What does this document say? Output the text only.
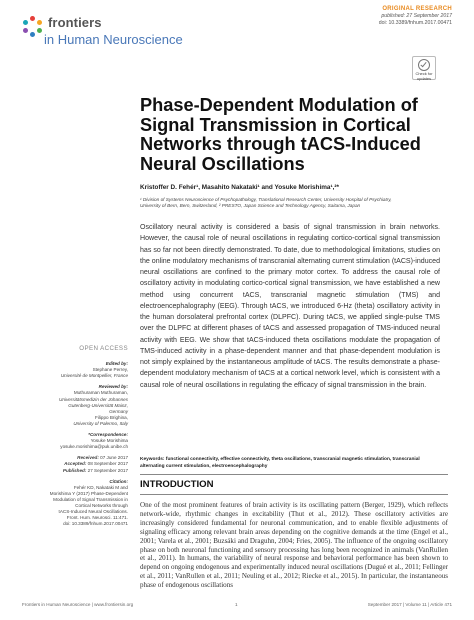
frontiers
in Human Neuroscience
ORIGINAL RESEARCH
published: 27 September 2017
doi: 10.3389/fnhum.2017.00471
Check for updates
Phase-Dependent Modulation of Signal Transmission in Cortical Networks through tACS-Induced Neural Oscillations
Kristoffer D. Fehér¹, Masahito Nakataki¹ and Yosuke Morishima¹,²*
¹ Division of Systems Neuroscience of Psychopathology, Translational Research Center, University Hospital of Psychiatry,
University of Bern, Bern, Switzerland, ² PRESTO, Japan Science and Technology Agency, Saitama, Japan

Oscillatory neural activity is considered a basis of signal transmission in brain networks. However, the causal role of neural oscillations in regulating cortico-cortical signal transmission has so far not been directly demonstrated. To date, due to methodological limitations, studies on the online modulatory mechanisms of transcranial alternating current stimulation (tACS)-induced neural oscillations are confined to the primary motor cortex. To address the causal role of oscillatory activity in modulating cortico-cortical signal transmission, we have established a new method using concurrent tACS, transcranial magnetic stimulation (TMS) and electroencephalography (EEG). Through tACS, we introduced 6-Hz (theta) oscillatory activity in the human dorsolateral prefrontal cortex (DLPFC). During tACS, we applied single-pulse TMS over the DLPFC at different phases of tACS and assessed propagation of TMS-induced neural activity with EEG. We show that tACS-induced theta oscillations modulate the propagation of TMS-induced activity in a phase-dependent manner and that phase-dependent modulation is not simply explained by the instantaneous amplitude of tACS. The results demonstrate a phase-dependent modulatory mechanism of tACS at a cortical network level, which is consistent with a causal role of neural oscillations in regulating the efficacy of signal transmission in the brain.

Keywords: functional connectivity, effective connectivity, theta oscillations, transcranial magnetic stimulation, transcranial alternating current stimulation, electroencephalography
OPEN ACCESS
Edited by:
Stephane Perrey,
Université de Montpellier, France
Reviewed by:
Muthuraman Muthuraman,
Universitätsmedizin der Johannes
Gutenberg-Universität Mainz,
Germany
Filippo Brighina,
University of Palermo, Italy
*Correspondence:
Yosuke Morishima
yosuke.morishima@puk.unibe.ch
Received: 07 June 2017
Accepted: 08 September 2017
Published: 27 September 2017
Citation:
Fehér KD, Nakataki M and
Morishima Y (2017) Phase-Dependent
Modulation of Signal Transmission in
Cortical Networks through
tACS-Induced Neural Oscillations.
Front. Hum. Neurosci. 11:471.
doi: 10.3389/fnhum.2017.00471
INTRODUCTION

One of the most prominent features of brain activity is its oscillating pattern (Berger, 1929), which reflects network-wide, rhythmic changes in excitability (Thut et al., 2012). These oscillatory activities are increasingly considered fundamental for neuronal communication, and to enable flexible adjustments of signaling efficacy among relevant brain areas depending on the cognitive demands at the time (Engel et al., 2001; Varela et al., 2001; Buzsáki and Draguhn, 2004; Fries, 2005). The influence of the ongoing oscillatory phase on both neuronal functioning and sensory processing has long been recognized in animals (VanRullen et al., 2011). In humans, the variability of neural response and behavioral performance has been shown to depend on ongoing endogenous and experimentally induced neural oscillations (Dugué et al., 2011; Fellinger et al., 2011; VanRullen et al., 2011; Neuling et al., 2012; Riecke et al., 2015). In particular, the instantaneous phase of endogenous oscillations

Frontiers in Human Neuroscience | www.frontiersin.org	1	September 2017 | Volume 11 | Article 471
